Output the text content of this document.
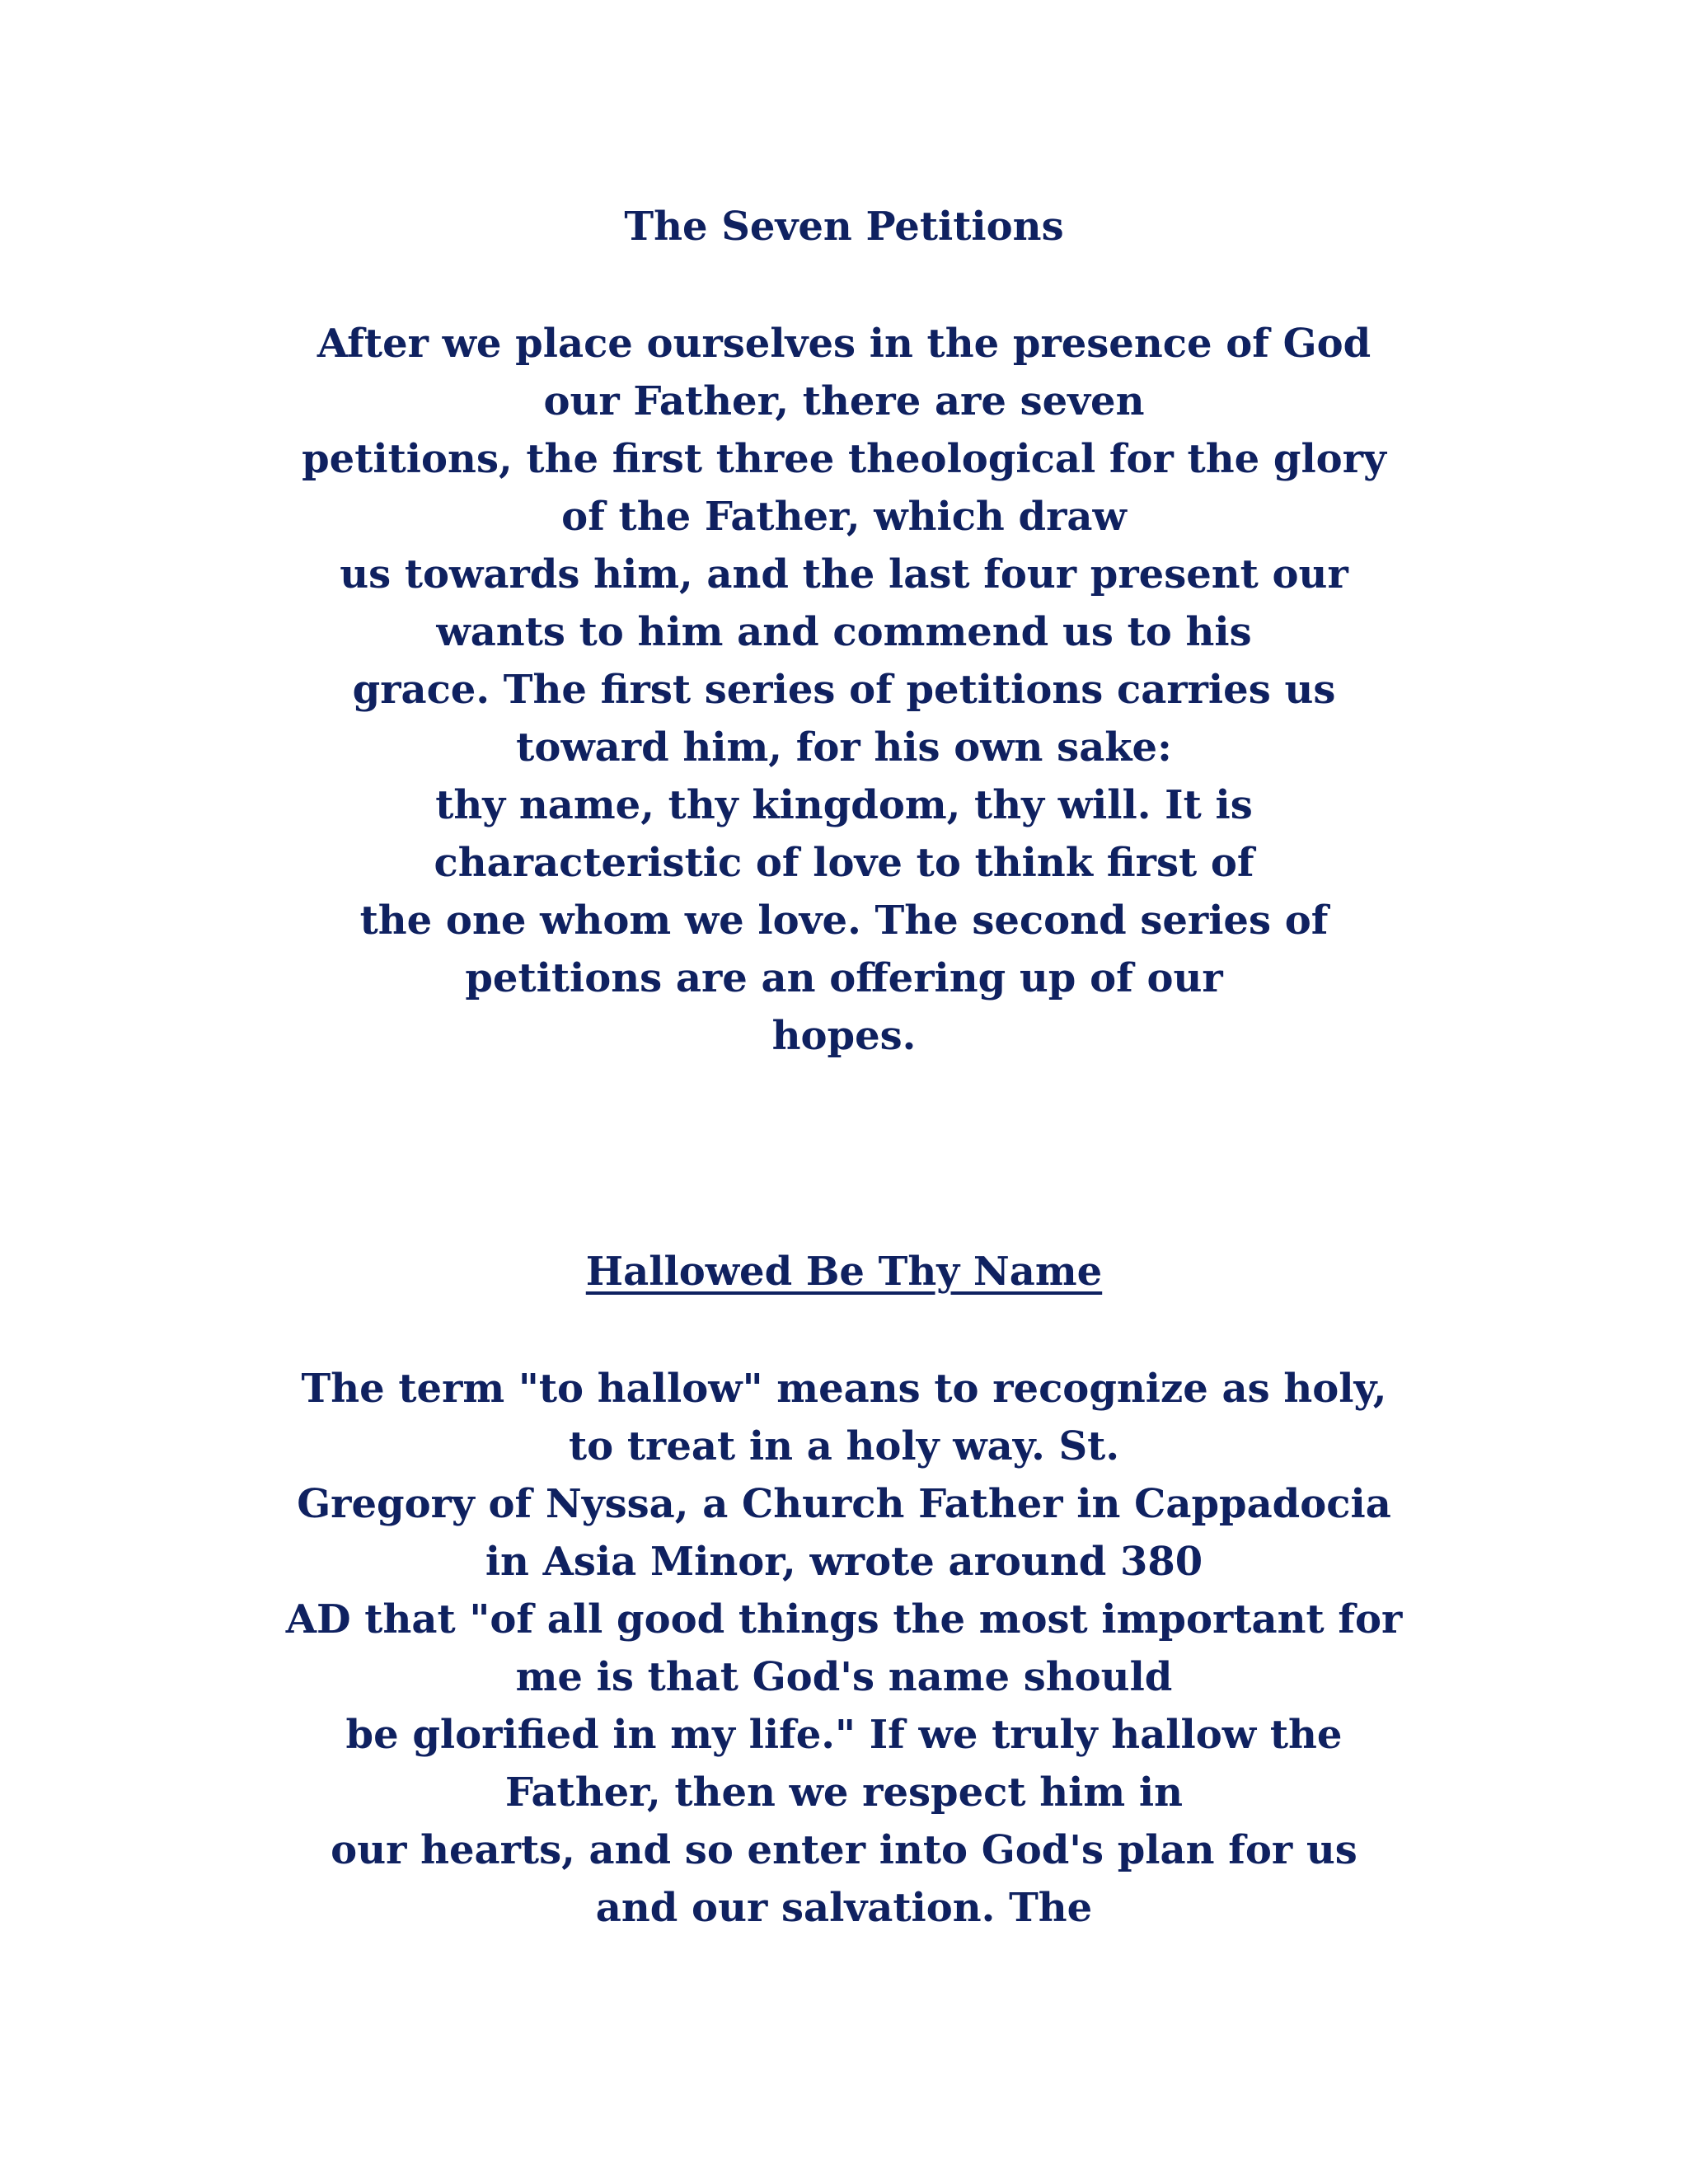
The Seven Petitions
After we place ourselves in the presence of God
our Father, there are seven
petitions, the first three theological for the glory
of the Father, which draw
us towards him, and the last four present our
wants to him and commend us to his
grace. The first series of petitions carries us
toward him, for his own sake:
thy name, thy kingdom, thy will. It is
characteristic of love to think first of
the one whom we love. The second series of
petitions are an offering up of our
hopes.
Hallowed Be Thy Name
The term "to hallow" means to recognize as holy,
to treat in a holy way. St.
Gregory of Nyssa, a Church Father in Cappadocia
in Asia Minor, wrote around 380
AD that "of all good things the most important for
me is that God's name should
be glorified in my life." If we truly hallow the
Father, then we respect him in
our hearts, and so enter into God's plan for us
and our salvation. The
